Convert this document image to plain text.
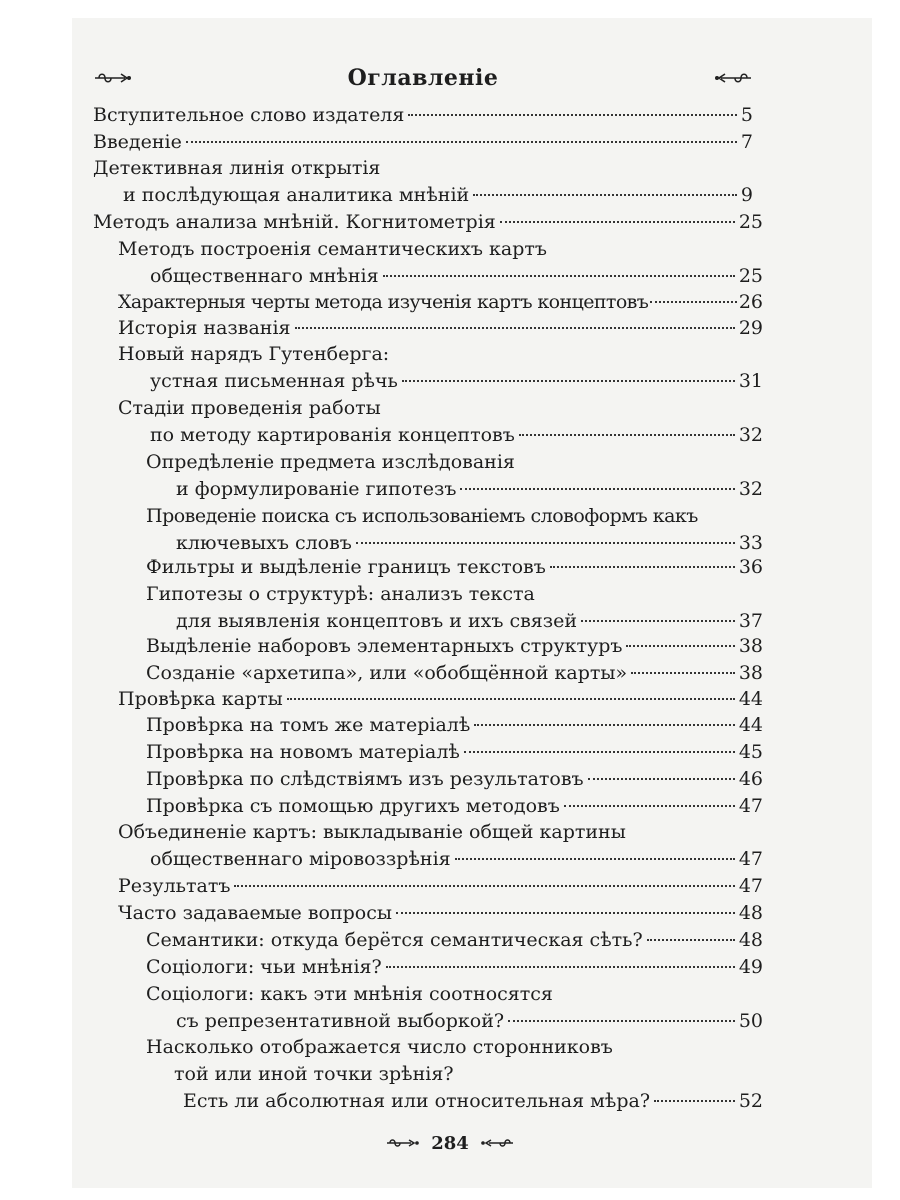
Оглавленіе
Вступительное слово издателя	5
Введеніе	7
Детективная линія открытія
и послѣдующая аналитика мнѣній	9
Методъ анализа мнѣній. Когнитометрія	25
Методъ построенія семантическихъ картъ
общественнаго мнѣнія	25
Характерныя черты метода изученія картъ концептовъ	26
Исторія названія	29
Новый нарядъ Гутенберга:
устная письменная рѣчь	31
Стадіи проведенія работы
по методу картированія концептовъ	32
Опредѣленіе предмета изслѣдованія
и формулированіе гипотезъ	32
Проведеніе поиска съ использованіемъ словоформъ какъ
ключевыхъ словъ	33
Фильтры и выдѣленіе границъ текстовъ	36
Гипотезы о структурѣ: анализъ текста
для выявленія концептовъ и ихъ связей	37
Выдѣленіе наборовъ элементарныхъ структуръ	38
Созданіе «архетипа», или «обобщённой карты»	38
Провѣрка карты	44
Провѣрка на томъ же матеріалѣ	44
Провѣрка на новомъ матеріалѣ	45
Провѣрка по слѣдствіямъ изъ результатовъ	46
Провѣрка съ помощью другихъ методовъ	47
Объединеніе картъ: выкладываніе общей картины
общественнаго міровоззрѣнія	47
Результатъ	47
Часто задаваемые вопросы	48
Семантики: откуда берётся семантическая сѣть?	48
Соціологи: чьи мнѣнія?	49
Соціологи: какъ эти мнѣнія соотносятся
съ репрезентативной выборкой?	50
Насколько отображается число сторонниковъ
той или иной точки зрѣнія?
Есть ли абсолютная или относительная мѣра?	52
284
